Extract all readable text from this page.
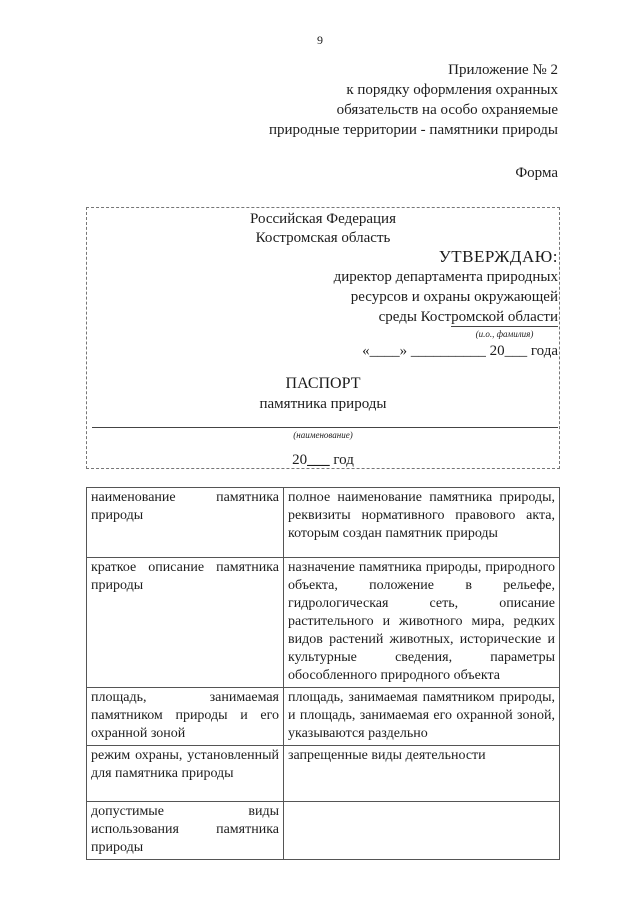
9
Приложение № 2
к порядку оформления охранных
обязательств на особо охраняемые
природные территории - памятники природы
Форма
Российская Федерация
Костромская область
УТВЕРЖДАЮ:
директор департамента природных
ресурсов и охраны окружающей
среды Костромской области
(и.о., фамилия)
«____» __________ 20___ года
ПАСПОРТ
памятника природы
(наименование)
20___ год
наименование памятника природы	полное наименование памятника природы, реквизиты нормативного правового акта, которым создан памятник природы
краткое описание памятника природы	назначение памятника природы, природного объекта, положение в рельефе, гидрологическая сеть, описание растительного и животного мира, редких видов растений животных, исторические и культурные сведения, параметры обособленного природного объекта
площадь, занимаемая памятником природы и его охранной зоной	площадь, занимаемая памятником природы, и площадь, занимаемая его охранной зоной, указываются раздельно
режим охраны, установленный для памятника природы	запрещенные виды деятельности
допустимые виды использования памятника природы	
